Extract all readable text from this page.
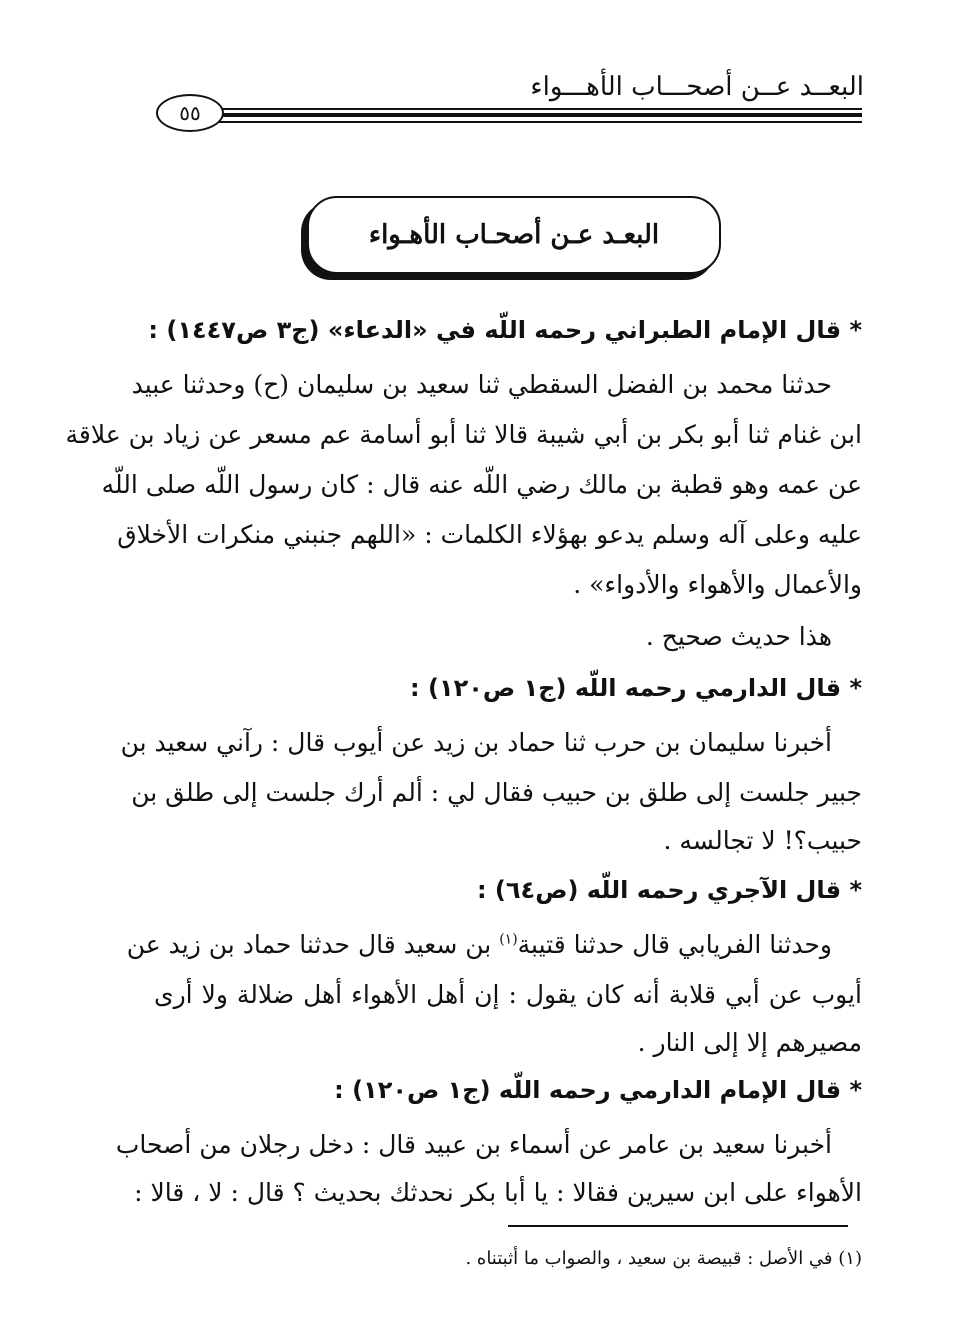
البعــد عــن أصحـــاب الأهـــواء
٥٥
البعـد عـن أصحـاب الأهـواء
* قال الإمام الطبراني رحمه اللّه في «الدعاء» (ج٣ ص١٤٤٧) :
حدثنا محمد بن الفضل السقطي ثنا سعيد بن سليمان (ح) وحدثنا عبيد
ابن غنام ثنا أبو بكر بن أبي شيبة قالا ثنا أبو أسامة عم مسعر عن زياد بن علاقة
عن عمه وهو قطبة بن مالك رضي اللّه عنه قال : كان رسول اللّه صلى اللّه
عليه وعلى آله وسلم يدعو بهؤلاء الكلمات : «اللهم جنبني منكرات الأخلاق
والأعمال والأهواء والأدواء» .
هذا حديث صحيح .
* قال الدارمي رحمه اللّه (ج١ ص١٢٠) :
أخبرنا سليمان بن حرب ثنا حماد بن زيد عن أيوب قال : رآني سعيد بن
جبير جلست إلى طلق بن حبيب فقال لي : ألم أرك جلست إلى طلق بن
حبيب؟! لا تجالسه .
* قال الآجري رحمه اللّه (ص٦٤) :
وحدثنا الفريابي قال حدثنا قتيبة$^{(١)}$ بن سعيد قال حدثنا حماد بن زيد عن
أيوب عن أبي قلابة أنه كان يقول : إن أهل الأهواء أهل ضلالة ولا أرى
مصيرهم إلا إلى النار .
* قال الإمام الدارمي رحمه اللّه (ج١ ص١٢٠) :
أخبرنا سعيد بن عامر عن أسماء بن عبيد قال : دخل رجلان من أصحاب
الأهواء على ابن سيرين فقالا : يا أبا بكر نحدثك بحديث ؟ قال : لا ، قالا :
(١) في الأصل : قبيصة بن سعيد ، والصواب ما أثبتناه .
